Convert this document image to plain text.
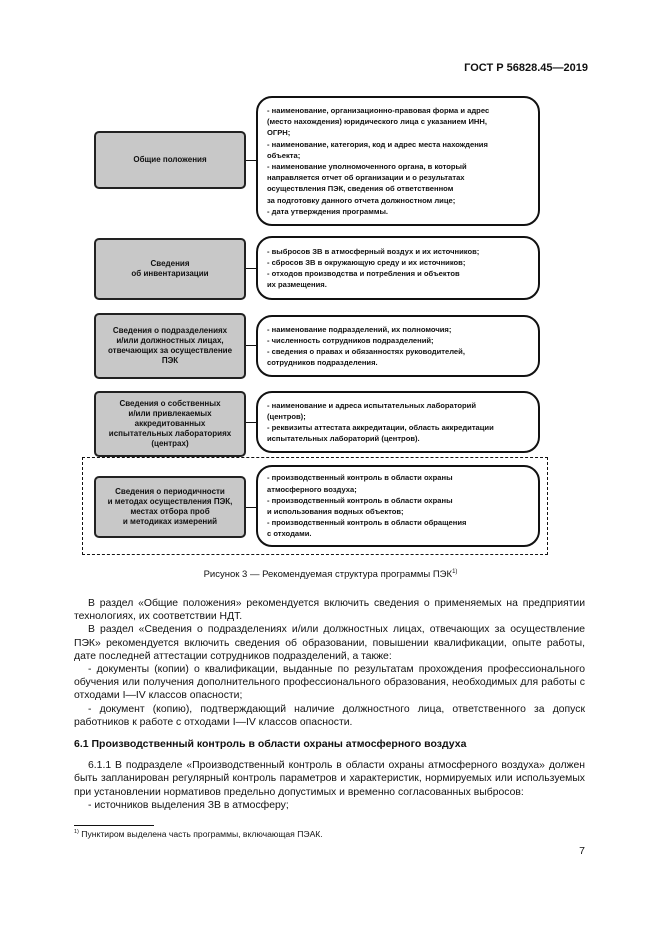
ГОСТ Р 56828.45—2019
Общие положения
- наименование, организационно-правовая форма и адрес
(место нахождения) юридического лица с указанием ИНН,
ОГРН;
- наименование, категория, код и адрес места нахождения
объекта;
- наименование уполномоченного органа, в который
направляется отчет об организации и о результатах
осуществления ПЭК, сведения об ответственном
за подготовку данного отчета должностном лице;
- дата утверждения программы.
Сведения
об инвентаризации
- выбросов ЗВ в атмосферный воздух и их источников;
- сбросов ЗВ в окружающую среду и их источников;
- отходов производства и потребления и объектов
их размещения.
Сведения о подразделениях
и/или должностных лицах,
отвечающих за осуществление
ПЭК
- наименование подразделений, их полномочия;
- численность сотрудников подразделений;
- сведения о правах и обязанностях руководителей,
сотрудников подразделения.
Сведения о собственных
и/или привлекаемых
аккредитованных
испытательных лабораториях
(центрах)
- наименование и адреса испытательных лабораторий
(центров);
- реквизиты аттестата аккредитации, область аккредитации
испытательных лабораторий (центров).
Сведения о периодичности
и методах осуществления ПЭК,
местах отбора проб
и методиках измерений
- производственный контроль в области охраны
атмосферного воздуха;
- производственный контроль в области охраны
и использования водных объектов;
- производственный контроль в области обращения
с отходами.
Рисунок 3 — Рекомендуемая структура программы ПЭК$^{1)}$

В раздел «Общие положения» рекомендуется включить сведения о применяемых на предприятии технологиях, их соответствии НДТ.

В раздел «Сведения о подразделениях и/или должностных лицах, отвечающих за осуществление ПЭК» рекомендуется включить сведения об образовании, повышении квалификации, опыте работы, дате последней аттестации сотрудников подразделений, а также:

- документы (копии) о квалификации, выданные по результатам прохождения профессионального обучения или получения дополнительного профессионального образования, необходимых для работы с отходами I—IV классов опасности;

- документ (копию), подтверждающий наличие должностного лица, ответственного за допуск работников к работе с отходами I—IV классов опасности.

6.1 Производственный контроль в области охраны атмосферного воздуха

6.1.1 В подразделе «Производственный контроль в области охраны атмосферного воздуха» должен быть запланирован регулярный контроль параметров и характеристик, нормируемых или используемых при установлении нормативов предельно допустимых и временно согласованных выбросов:

- источников выделения ЗВ в атмосферу;

$^{1)}$ Пунктиром выделена часть программы, включающая ПЭАК.
7
